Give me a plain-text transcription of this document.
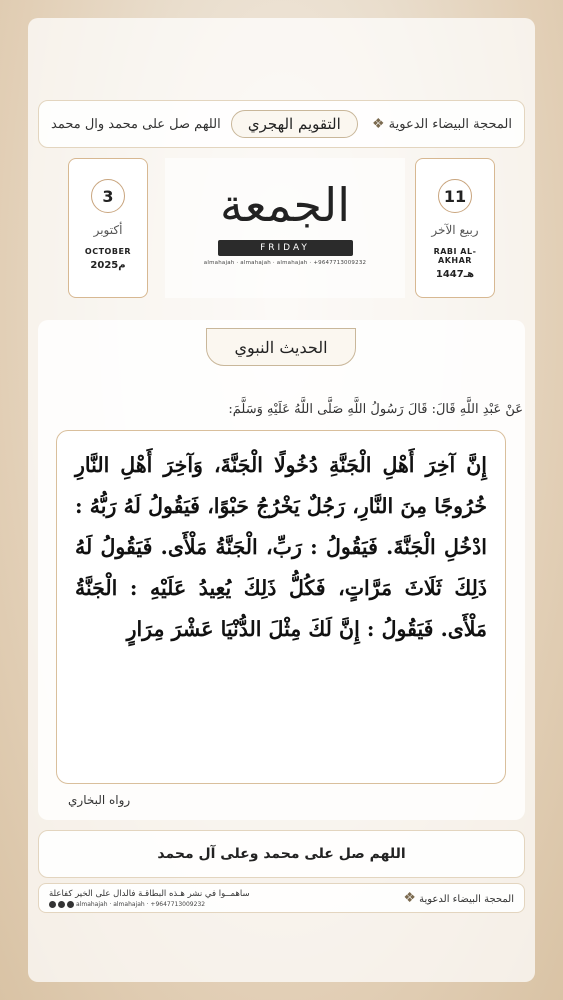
اللهم صل على محمد وال محمد	التقويم الهجري	المحجة البيضاء الدعوية ❖
3
أكتوبر
OCTOBER
2025م
الجمعة
FRIDAY
almahajah · almahajah · almahajah · +9647713009232
11
ربيع الآخر
RABI AL- AKHAR
1447هـ
الحديث النبوي
عَنْ عَبْدِ اللَّهِ قَالَ: قَالَ رَسُولُ اللَّهِ صَلَّى اللَّهُ عَلَيْهِ وَسَلَّمَ:
إِنَّ آخِرَ أَهْلِ الْجَنَّةِ دُخُولًا الْجَنَّةَ، وَآخِرَ أَهْلِ النَّارِ خُرُوجًا مِنَ النَّارِ، رَجُلٌ يَخْرُجُ حَبْوًا، فَيَقُولُ لَهُ رَبُّهُ : ادْخُلِ الْجَنَّةَ. فَيَقُولُ : رَبِّ، الْجَنَّةُ مَلْأَى. فَيَقُولُ لَهُ ذَلِكَ ثَلَاثَ مَرَّاتٍ، فَكُلُّ ذَلِكَ يُعِيدُ عَلَيْهِ : الْجَنَّةُ مَلْأَى. فَيَقُولُ : إِنَّ لَكَ مِثْلَ الدُّنْيَا عَشْرَ مِرَارٍ
رواه البخاري
اللهم صل على محمد وعلى آل محمد
ساهمــوا في نشر هـذه البطاقـة فالدال على الخير كفاعلة
almahajah · almahajah · +9647713009232	المحجة البيضاء الدعوية ❖
